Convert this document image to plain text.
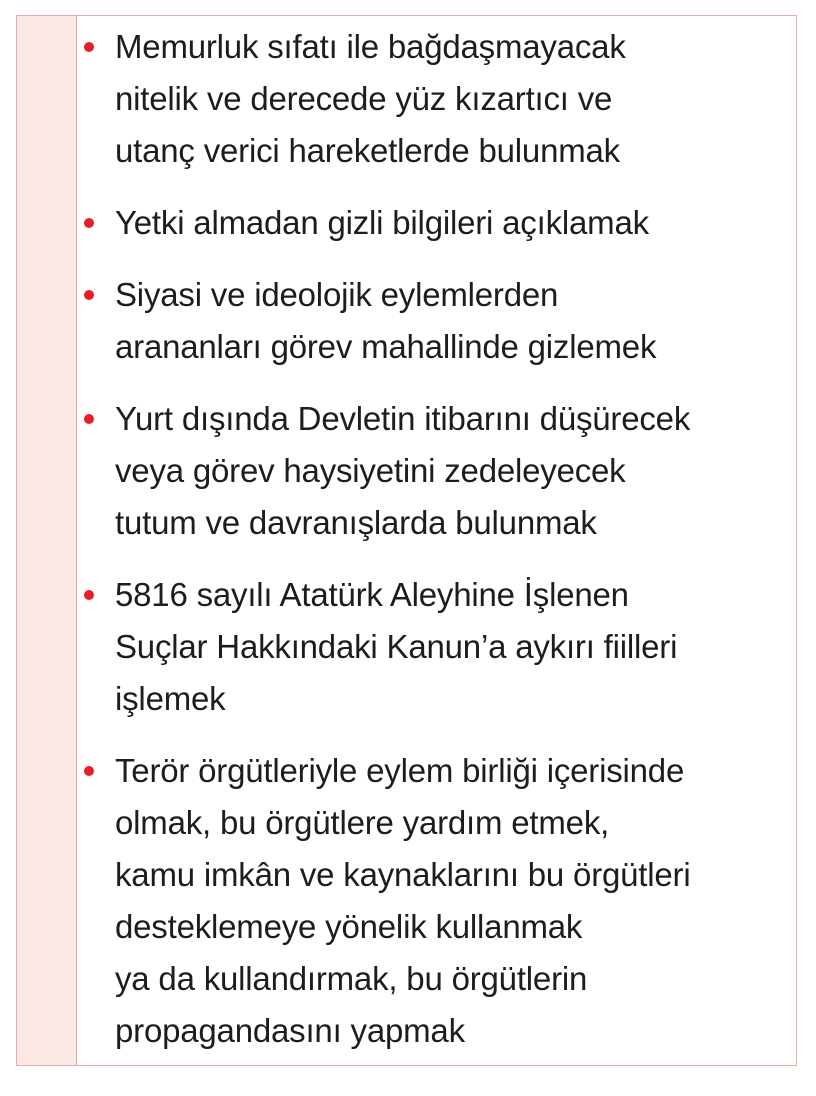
Memurluk sıfatı ile bağdaşmayacak
nitelik ve derecede yüz kızartıcı ve
utanç verici hareketlerde bulunmak
Yetki almadan gizli bilgileri açıklamak
Siyasi ve ideolojik eylemlerden
arananları görev mahallinde gizlemek
Yurt dışında Devletin itibarını düşürecek
veya görev haysiyetini zedeleyecek
tutum ve davranışlarda bulunmak
5816 sayılı Atatürk Aleyhine İşlenen
Suçlar Hakkındaki Kanun’a aykırı fiilleri
işlemek
Terör örgütleriyle eylem birliği içerisinde
olmak, bu örgütlere yardım etmek,
kamu imkân ve kaynaklarını bu örgütleri
desteklemeye yönelik kullanmak
ya da kullandırmak, bu örgütlerin
propagandasını yapmak
